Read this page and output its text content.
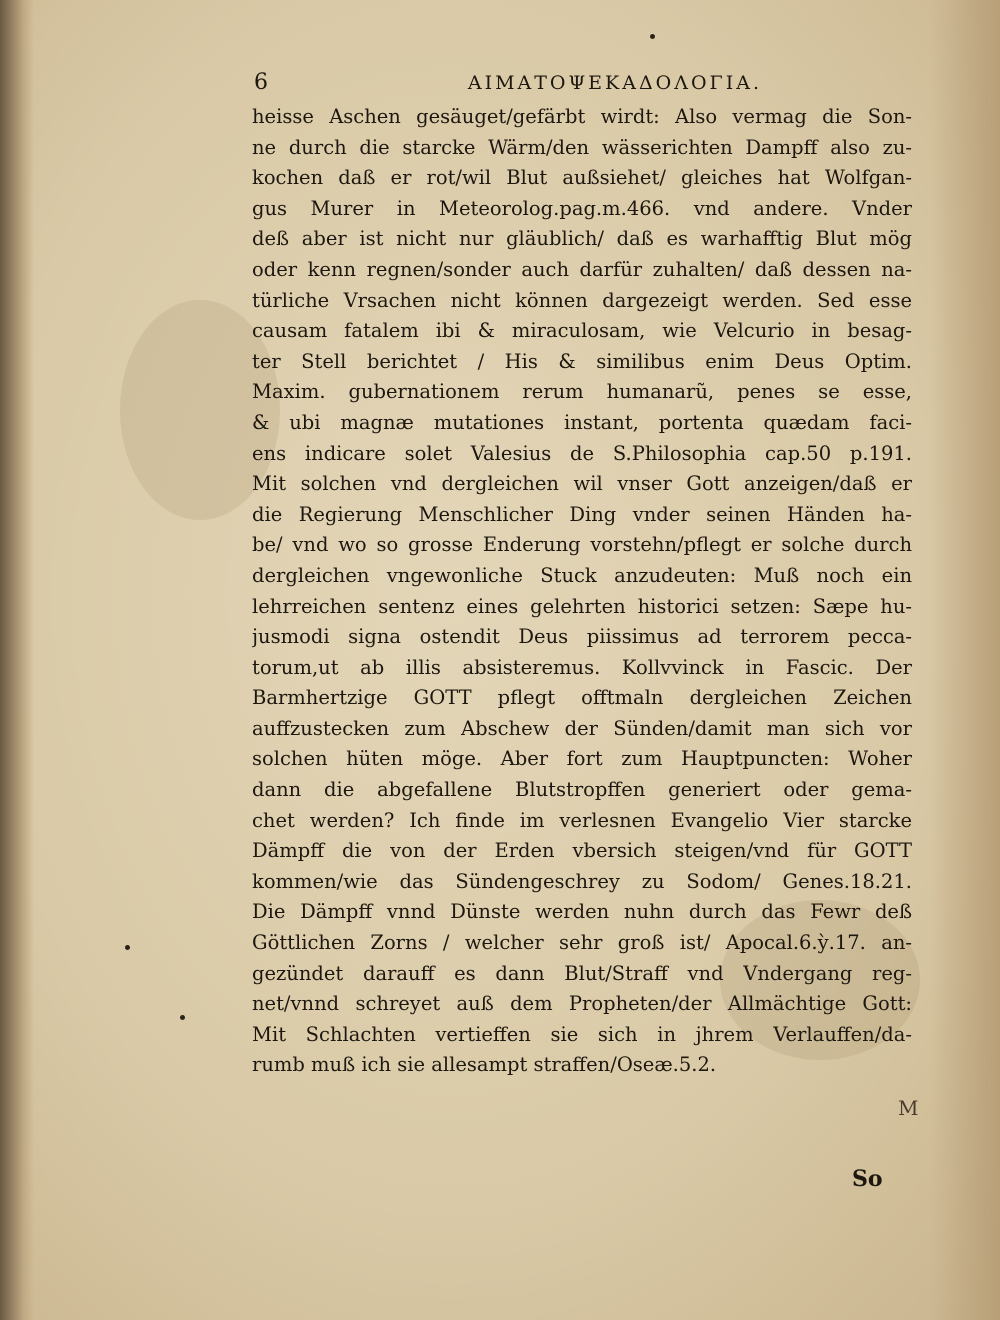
6	ΑΙΜΑΤΟΨΕΚΑΔΟΛΟΓΙΑ.
heisse Aschen gesäuget/gefärbt wirdt: Also vermag die Son-
ne durch die starcke Wärm/den wässerichten Dampff also zu-
kochen daß er rot/wil Blut außsiehet/ gleiches hat Wolfgan-
gus Murer in Meteorolog.pag.m.466. vnd andere. Vnder
deß aber ist nicht nur gläublich/ daß es warhafftig Blut mög
oder kenn regnen/sonder auch darfür zuhalten/ daß dessen na-
türliche Vrsachen nicht können dargezeigt werden. Sed esse
causam fatalem ibi & miraculosam, wie Velcurio in besag-
ter Stell berichtet / His & similibus enim Deus Optim.
Maxim. gubernationem rerum humanarũ, penes se esse,
& ubi magnæ mutationes instant, portenta quædam faci-
ens indicare solet Valesius de S.Philosophia cap.50 p.191.
Mit solchen vnd dergleichen wil vnser Gott anzeigen/daß er
die Regierung Menschlicher Ding vnder seinen Händen ha-
be/ vnd wo so grosse Enderung vorstehn/pflegt er solche durch
dergleichen vngewonliche Stuck anzudeuten: Muß noch ein
lehrreichen sentenz eines gelehrten historici setzen: Sæpe hu-
jusmodi signa ostendit Deus piissimus ad terrorem pecca-
torum,ut ab illis absisteremus. Kollvvinck in Fascic. Der
Barmhertzige GOTT pflegt offtmaln dergleichen Zeichen
auffzustecken zum Abschew der Sünden/damit man sich vor
solchen hüten möge. Aber fort zum Hauptpuncten: Woher
dann die abgefallene Blutstropffen generiert oder gema-
chet werden? Ich finde im verlesnen Evangelio Vier starcke
Dämpff die von der Erden vbersich steigen/vnd für GOTT
kommen/wie das Sündengeschrey zu Sodom/ Genes.18.21.
Die Dämpff vnnd Dünste werden nuhn durch das Fewr deß
Göttlichen Zorns / welcher sehr groß ist/ Apocal.6.ỳ.17. an-
gezündet darauff es dann Blut/Straff vnd Vndergang reg-
net/vnnd schreyet auß dem Propheten/der Allmächtige Gott:
Mit Schlachten vertieffen sie sich in jhrem Verlauffen/da-
rumb muß ich sie allesampt straffen/Oseæ.5.2.
M
So
